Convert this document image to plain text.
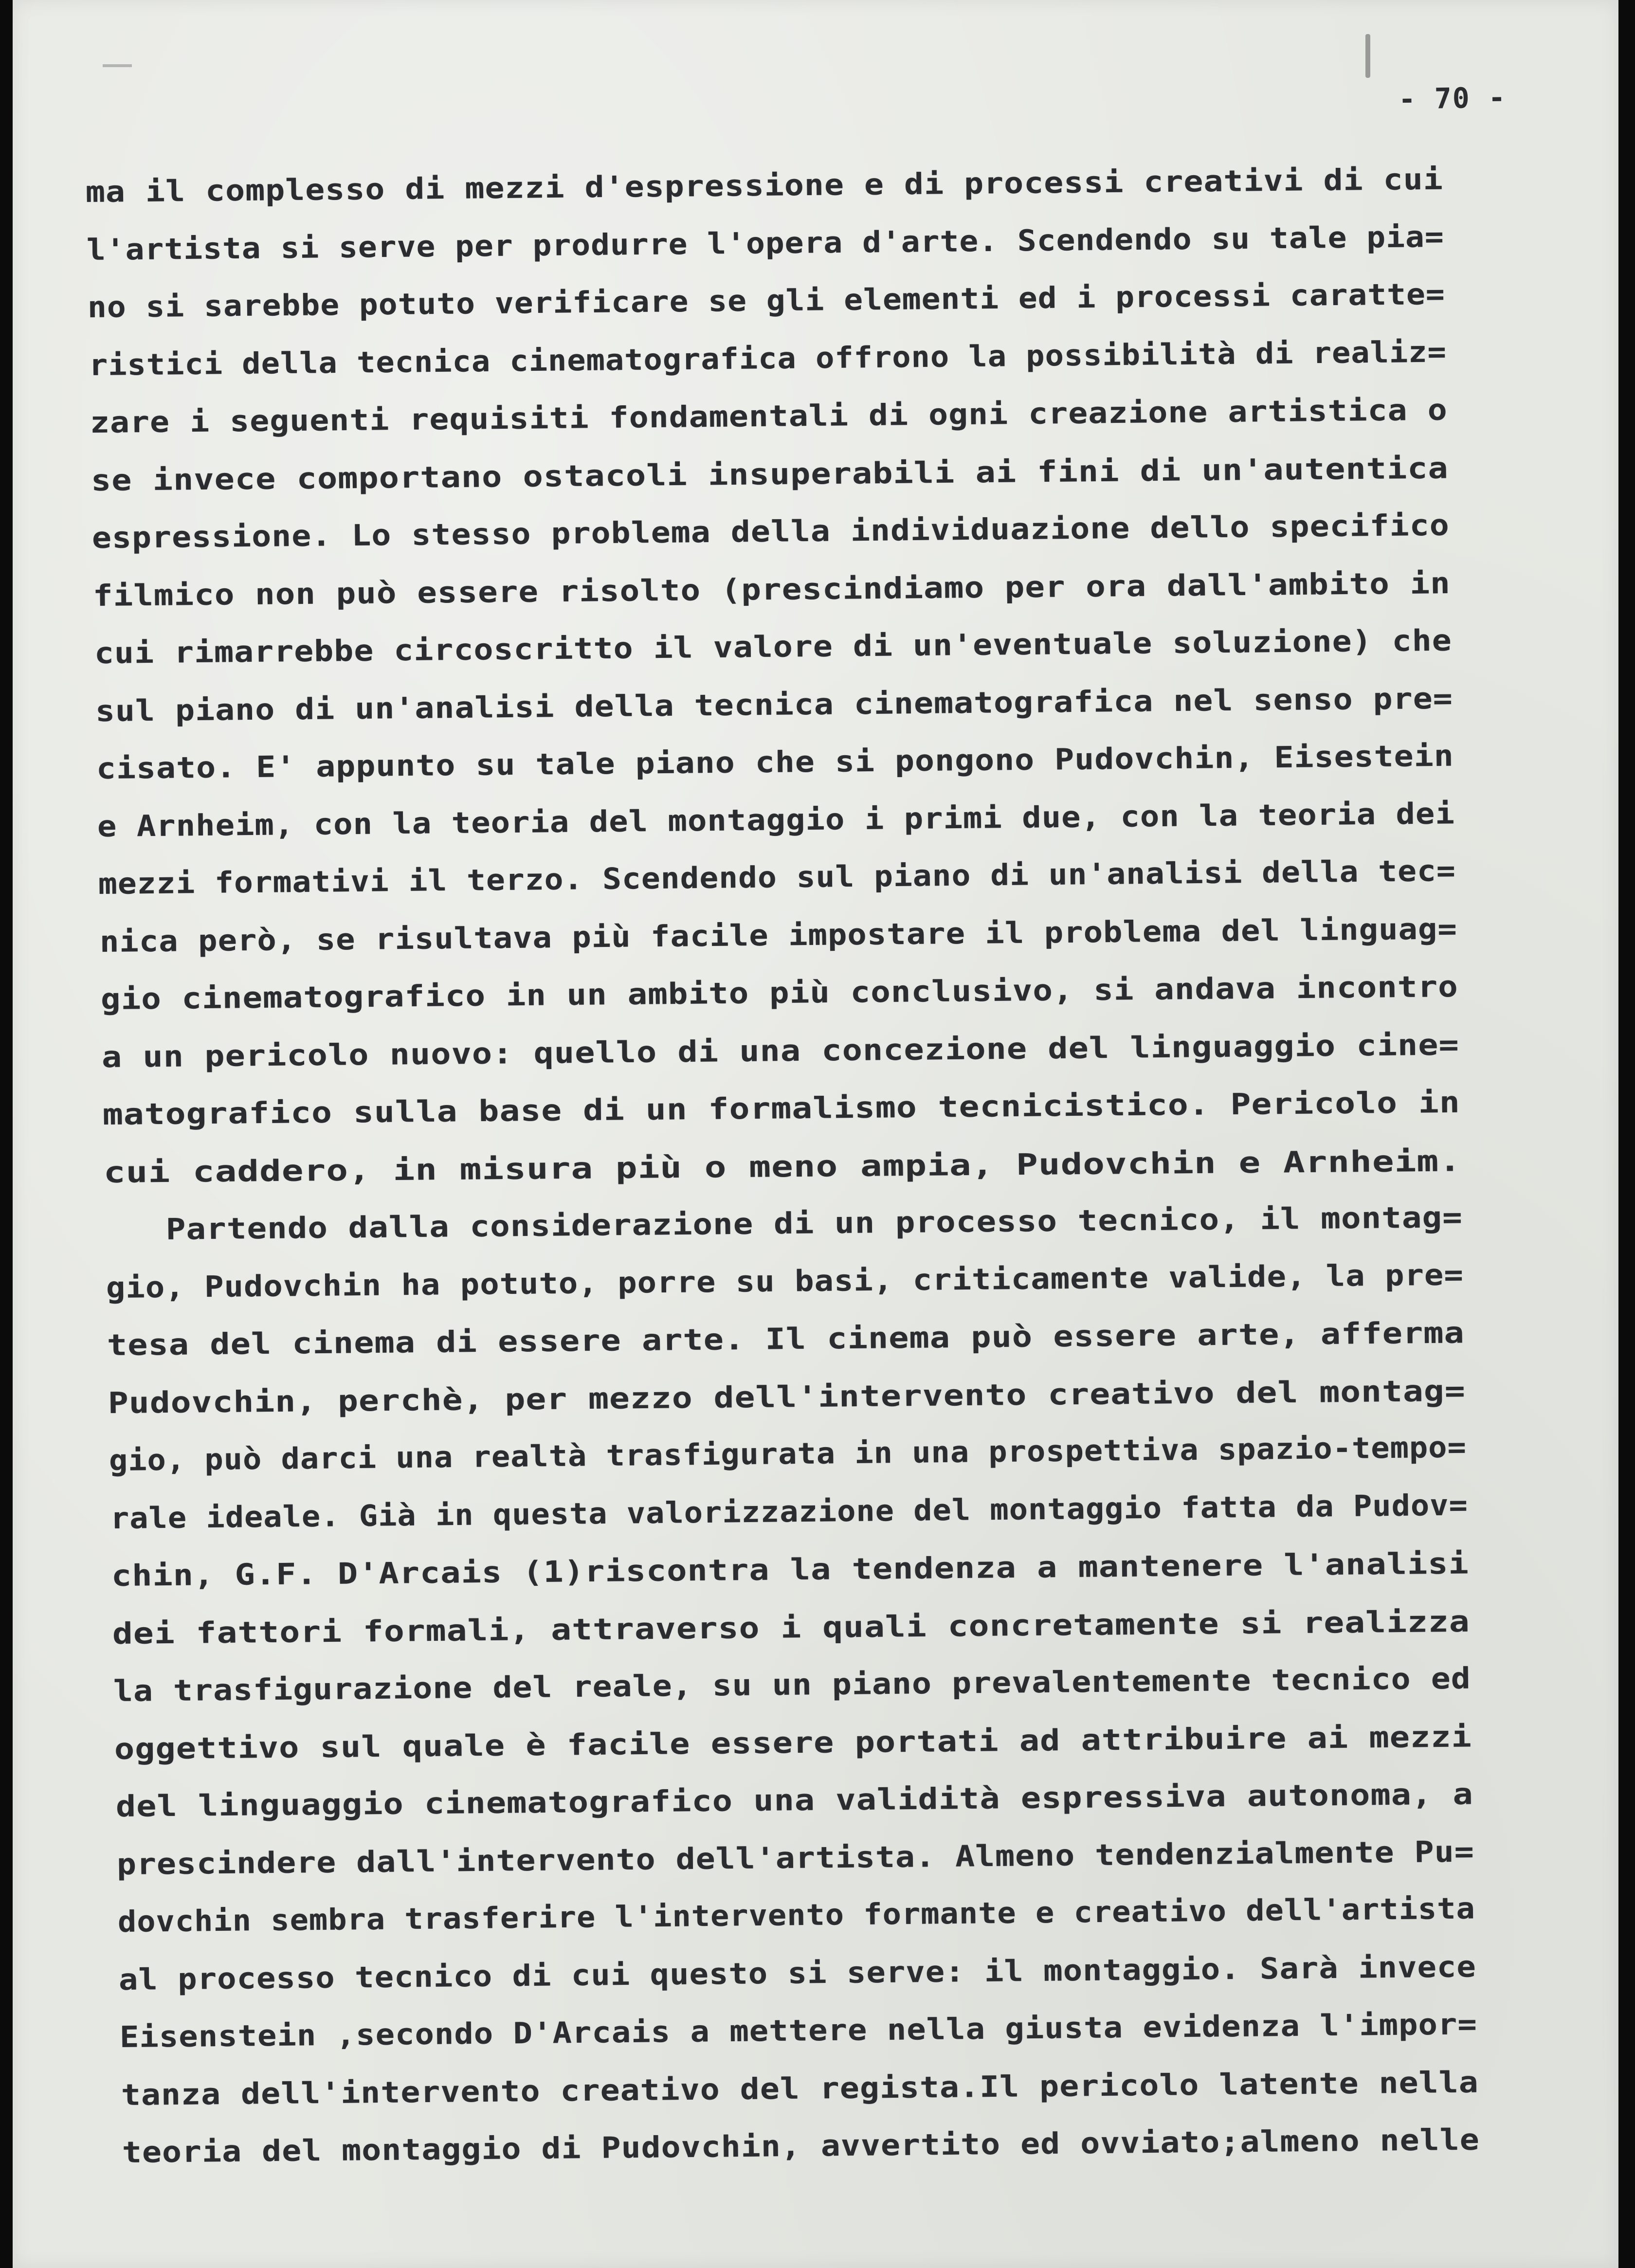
- 70 -
ma il complesso di mezzi d'espressione e di processi creativi di cui
l'artista si serve per produrre l'opera d'arte. Scendendo su tale pia=
no si sarebbe potuto verificare se gli elementi ed i processi caratte=
ristici della tecnica cinematografica offrono la possibilità di realiz=
zare i seguenti requisiti fondamentali di ogni creazione artistica o
se invece comportano ostacoli insuperabili ai fini di un'autentica
espressione. Lo stesso problema della individuazione dello specifico
filmico non può essere risolto (prescindiamo per ora dall'ambito in
cui rimarrebbe circoscritto il valore di un'eventuale soluzione) che
sul piano di un'analisi della tecnica cinematografica nel senso pre=
cisato. E' appunto su tale piano che si pongono Pudovchin, Eisestein
e Arnheim, con la teoria del montaggio i primi due, con la teoria dei
mezzi formativi il terzo. Scendendo sul piano di un'analisi della tec=
nica però, se risultava più facile impostare il problema del linguag=
gio cinematografico in un ambito più conclusivo, si andava incontro
a un pericolo nuovo: quello di una concezione del linguaggio cine=
matografico sulla base di un formalismo tecnicistico. Pericolo in
cui caddero, in misura più o meno ampia, Pudovchin e Arnheim.
Partendo dalla considerazione di un processo tecnico, il montag=
gio, Pudovchin ha potuto, porre su basi, criticamente valide, la pre=
tesa del cinema di essere arte. Il cinema può essere arte, afferma
Pudovchin, perchè, per mezzo dell'intervento creativo del montag=
gio, può darci una realtà trasfigurata in una prospettiva spazio-tempo=
rale ideale. Già in questa valorizzazione del montaggio fatta da Pudov=
chin, G.F. D'Arcais (1)riscontra la tendenza a mantenere l'analisi
dei fattori formali, attraverso i quali concretamente si realizza
la trasfigurazione del reale, su un piano prevalentemente tecnico ed
oggettivo sul quale è facile essere portati ad attribuire ai mezzi
del linguaggio cinematografico una validità espressiva autonoma, a
prescindere dall'intervento dell'artista. Almeno tendenzialmente Pu=
dovchin sembra trasferire l'intervento formante e creativo dell'artista
al processo tecnico di cui questo si serve: il montaggio. Sarà invece
Eisenstein ,secondo D'Arcais a mettere nella giusta evidenza l'impor=
tanza dell'intervento creativo del regista.Il pericolo latente nella
teoria del montaggio di Pudovchin, avvertito ed ovviato;almeno nelle
